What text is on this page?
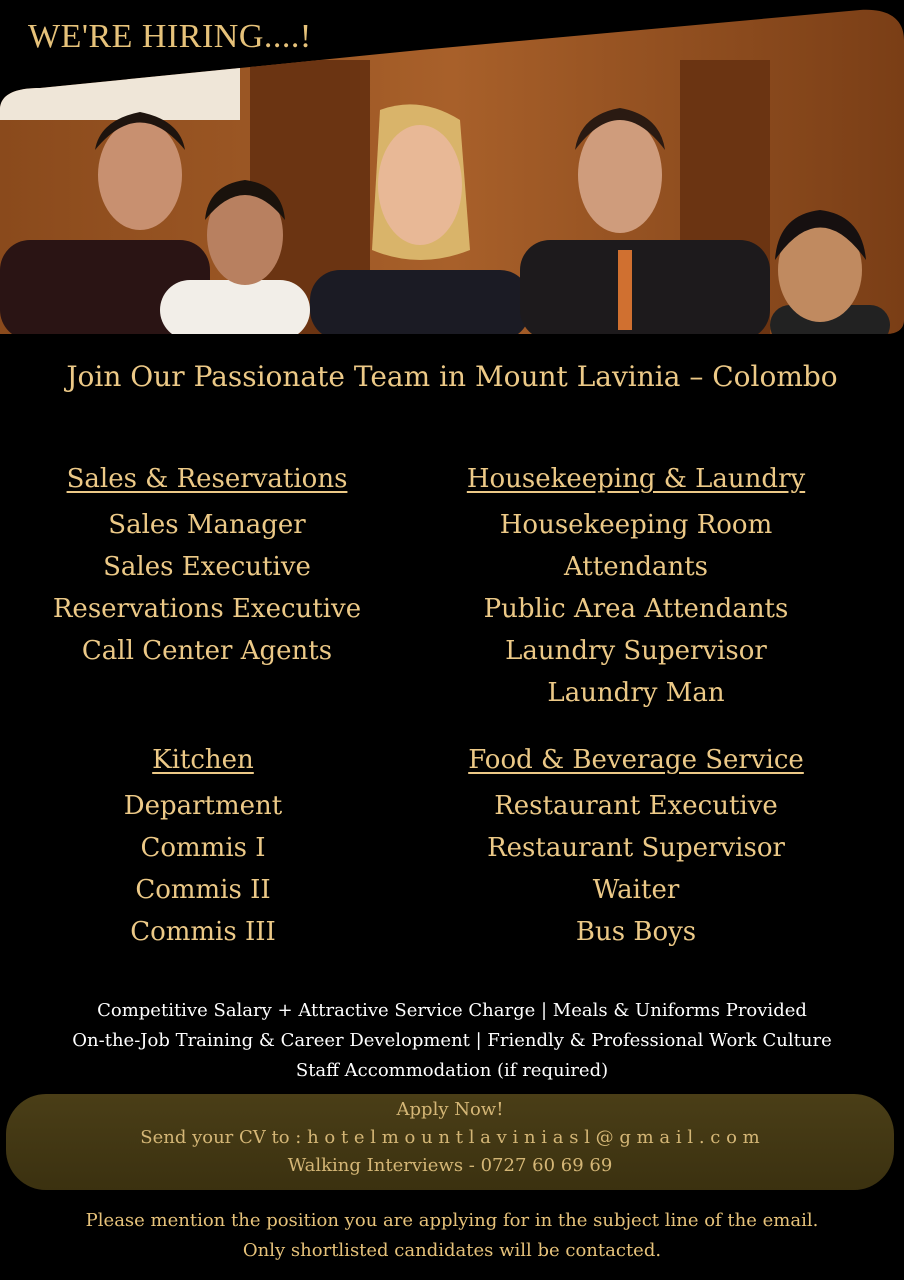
WE'RE HIRING....!
Join Our Passionate Team in Mount Lavinia – Colombo
Sales & Reservations
Sales Manager
Sales Executive
Reservations Executive
Call Center Agents
Housekeeping & Laundry
Housekeeping Room Attendants
Public Area Attendants
Laundry Supervisor
Laundry Man
Kitchen
Department
Commis I
Commis II
Commis III
Food & Beverage Service
Restaurant Executive
Restaurant Supervisor
Waiter
Bus Boys
Competitive Salary + Attractive Service Charge | Meals & Uniforms Provided
On-the-Job Training & Career Development | Friendly & Professional Work Culture
Staff Accommodation (if required)
Apply Now!
Send your CV to : h o t e l m o u n t l a v i n i a s l @ g m a i l . c o m
Walking Interviews - 0727 60 69 69
Please mention the position you are applying for in the subject line of the email.
Only shortlisted candidates will be contacted.
